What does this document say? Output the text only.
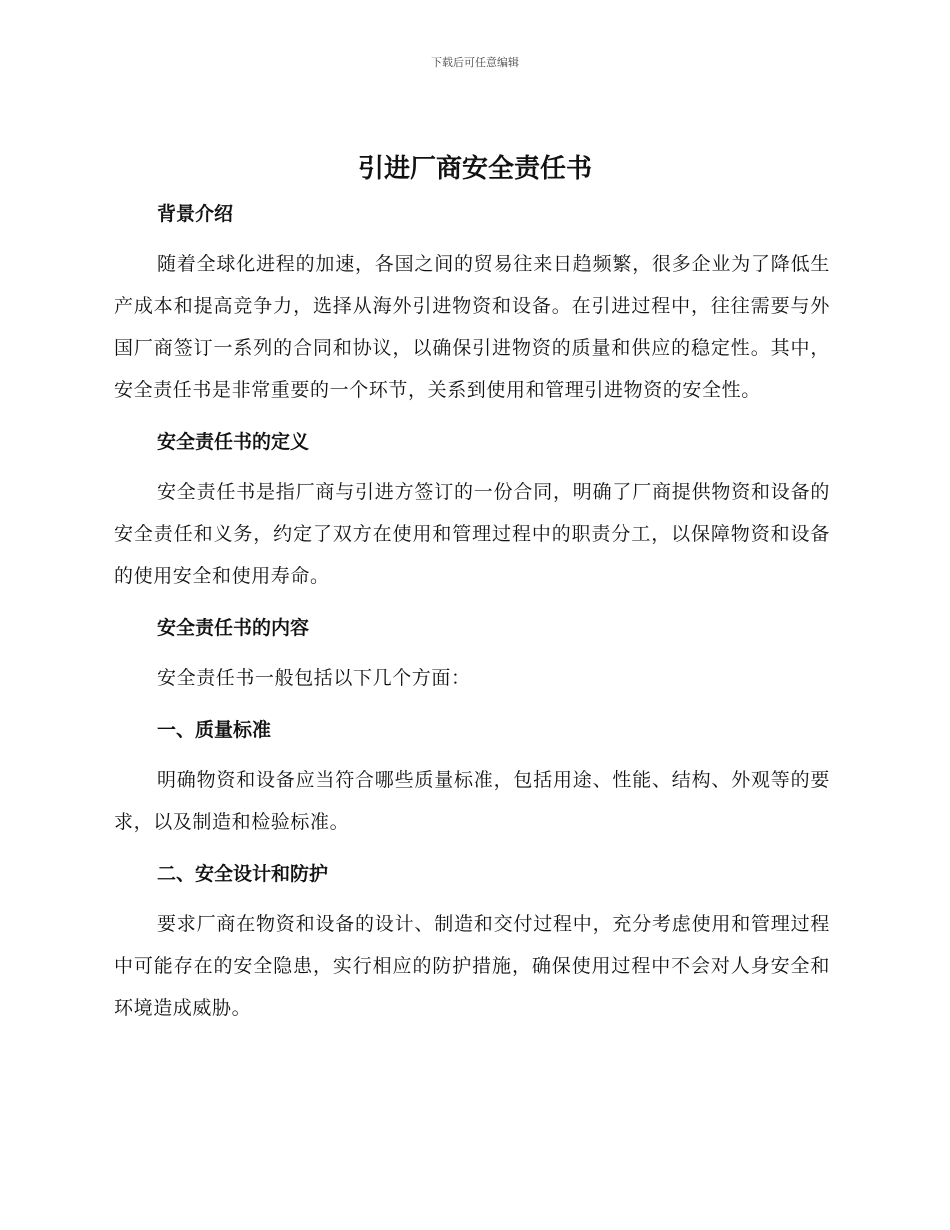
下载后可任意编辑
引进厂商安全责任书
背景介绍

随着全球化进程的加速，各国之间的贸易往来日趋频繁，很多企业为了降低生产成本和提高竞争力，选择从海外引进物资和设备。在引进过程中，往往需要与外国厂商签订一系列的合同和协议，以确保引进物资的质量和供应的稳定性。其中，安全责任书是非常重要的一个环节，关系到使用和管理引进物资的安全性。

安全责任书的定义

安全责任书是指厂商与引进方签订的一份合同，明确了厂商提供物资和设备的安全责任和义务，约定了双方在使用和管理过程中的职责分工，以保障物资和设备的使用安全和使用寿命。

安全责任书的内容

安全责任书一般包括以下几个方面：

一、质量标准

明确物资和设备应当符合哪些质量标准，包括用途、性能、结构、外观等的要求，以及制造和检验标准。

二、安全设计和防护

要求厂商在物资和设备的设计、制造和交付过程中，充分考虑使用和管理过程中可能存在的安全隐患，实行相应的防护措施，确保使用过程中不会对人身安全和环境造成威胁。
